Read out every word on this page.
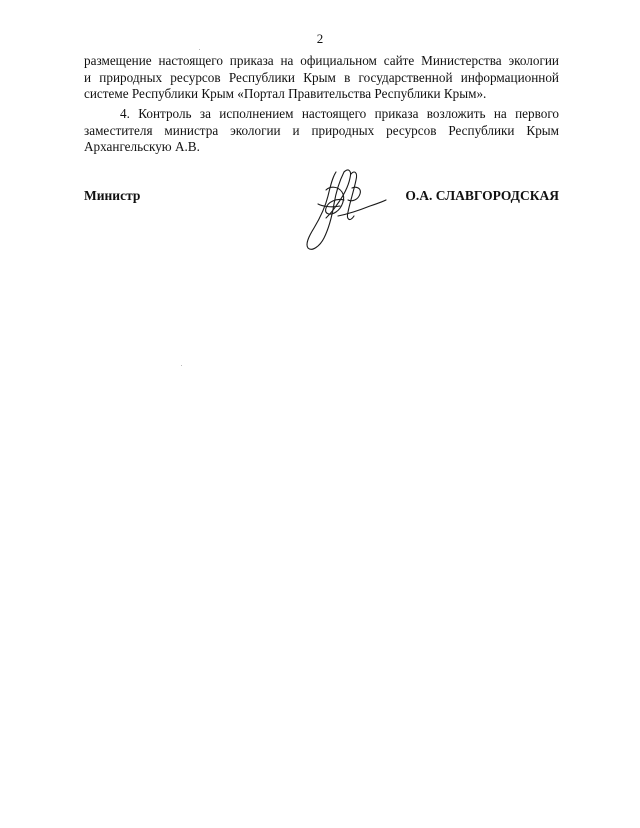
2
размещение настоящего приказа на официальном сайте Министерства экологии
и природных ресурсов Республики Крым в государственной информационной
системе Республики Крым «Портал Правительства Республики Крым».
4. Контроль за исполнением настоящего приказа возложить на первого
заместителя министра экологии и природных ресурсов Республики Крым
Архангельскую А.В.
Министр	О.А. СЛАВГОРОДСКАЯ
